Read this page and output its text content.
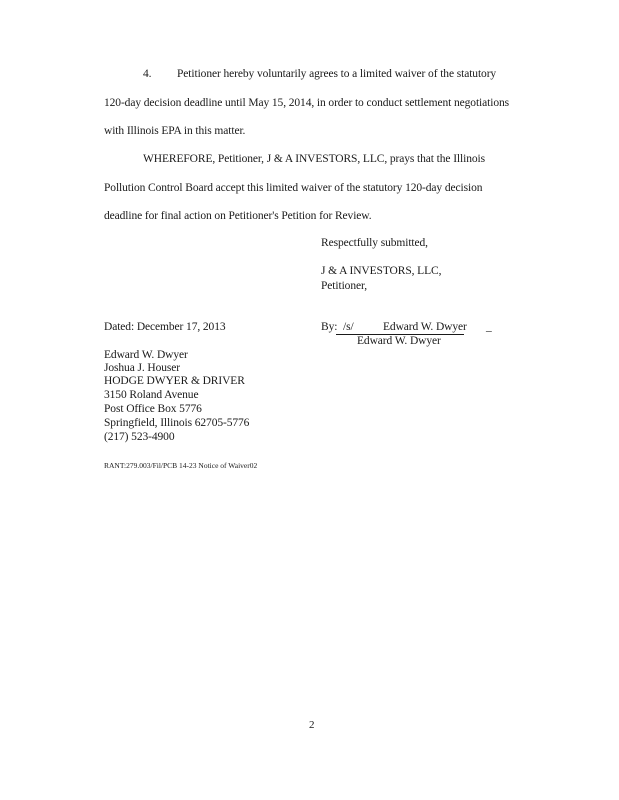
4. Petitioner hereby voluntarily agrees to a limited waiver of the statutory
120-day decision deadline until May 15, 2014, in order to conduct settlement negotiations
with Illinois EPA in this matter.
WHEREFORE, Petitioner, J & A INVESTORS, LLC, prays that the Illinois
Pollution Control Board accept this limited waiver of the statutory 120-day decision
deadline for final action on Petitioner's Petition for Review.
Respectfully submitted,
J & A INVESTORS, LLC,
Petitioner,
Dated: December 17, 2013	By: /s/	Edward W. Dwyer _
Edward W. Dwyer
Edward W. Dwyer
Joshua J. Houser
HODGE DWYER & DRIVER
3150 Roland Avenue
Post Office Box 5776
Springfield, Illinois 62705-5776
(217) 523-4900
RANT:279.003/Fil/PCB 14-23 Notice of Waiver02
2
